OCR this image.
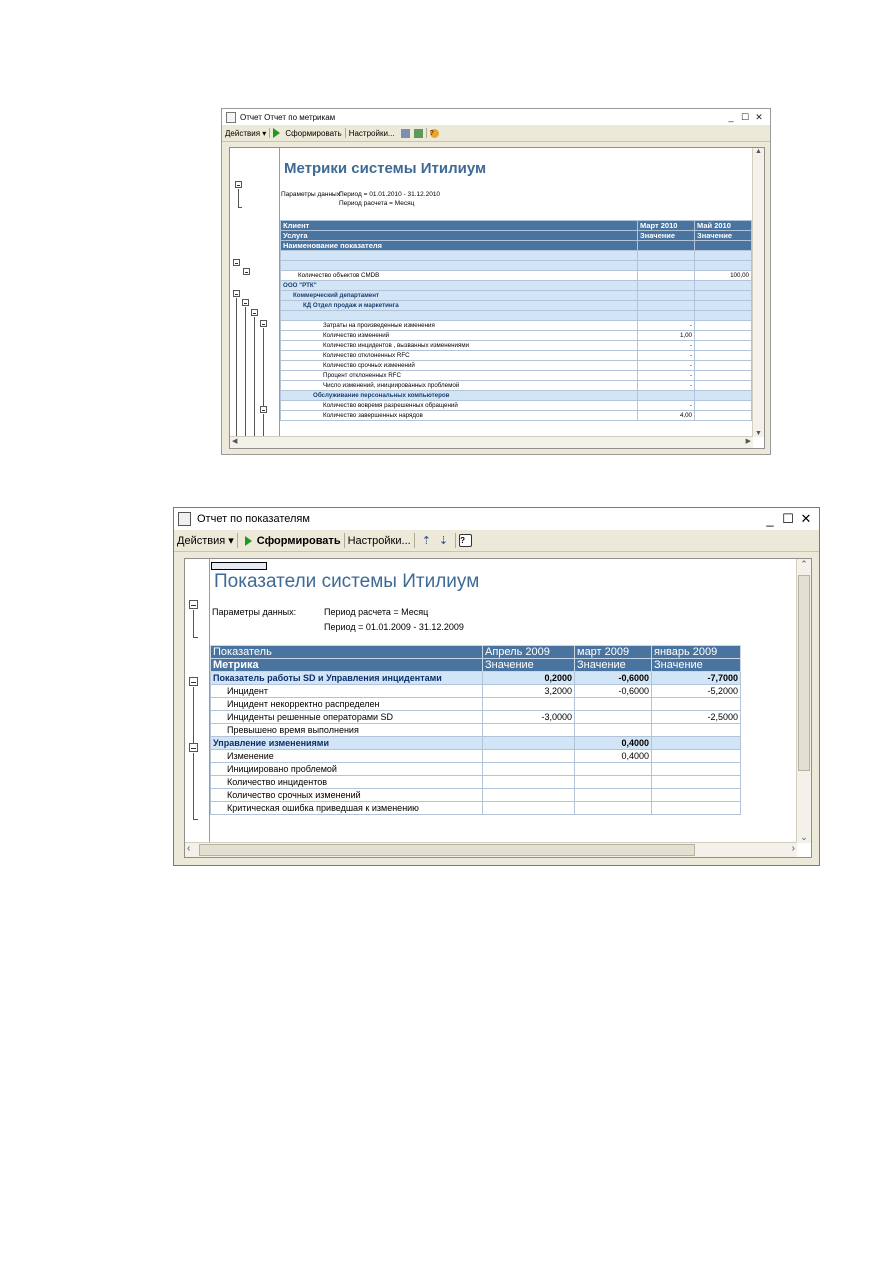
Отчет Отчет по метрикам	_ ☐ ✕
Действия ▾ Сформировать Настройки...	?
Метрики системы Итилиум
Параметры данных:Период = 01.01.2010 - 31.12.2010
Период расчета = Месяц
Клиент	Март 2010	Май 2010
Услуга	Значение	Значение
Наименование показателя		

Количество объектов CMDB		100,00
ООО "РТК"		
Коммерческий департамент		
КД Отдел продаж и маркетинга		

Затраты на произведенные изменения	-	
Количество изменений	1,00	
Количество инцидентов , вызванных изменениями	-	
Количество отклоненных RFC	-	
Количество срочных изменений	-	
Процент отклоненных RFC	-	
Число изменений, инициированных проблемой	-	
Обслуживание персональных компьютеров		
Количество вовремя разрешенных обращений	-	
Количество завершенных нарядов	4,00	
▲
▼
◀	▶
Отчет по показателям	_ ☐ ✕
Действия ▾ Сформировать Настройки... ⇡ ⇣ ?
Показатели системы Итилиум
Параметры данных:	Период расчета = Месяц
Период = 01.01.2009 - 31.12.2009
Показатель	Апрель 2009	март 2009	январь 2009
Метрика	Значение	Значение	Значение
Показатель работы SD и Управления инцидентами	0,2000	-0,6000	-7,7000
Инцидент	3,2000	-0,6000	-5,2000
Инцидент некорректно распределен			
Инциденты решенные операторами SD	-3,0000		-2,5000
Превышено время выполнения			
Управление изменениями		0,4000	
Изменение		0,4000	
Инициировано проблемой			
Количество инцидентов			
Количество срочных изменений			
Критическая ошибка приведшая к изменению			
⌃
⌄
‹	›
